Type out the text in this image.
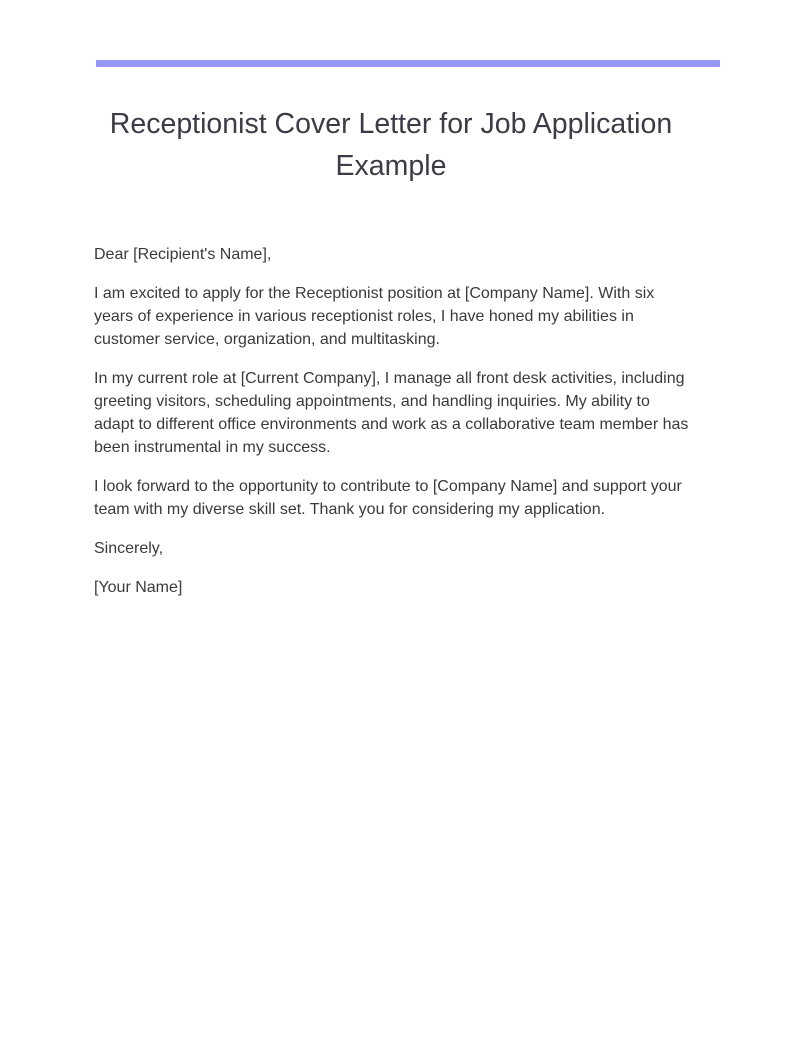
Receptionist Cover Letter for Job Application Example

Dear [Recipient's Name],

I am excited to apply for the Receptionist position at [Company Name]. With six years of experience in various receptionist roles, I have honed my abilities in customer service, organization, and multitasking.

In my current role at [Current Company], I manage all front desk activities, including greeting visitors, scheduling appointments, and handling inquiries. My ability to adapt to different office environments and work as a collaborative team member has been instrumental in my success.

I look forward to the opportunity to contribute to [Company Name] and support your team with my diverse skill set. Thank you for considering my application.

Sincerely,

[Your Name]
